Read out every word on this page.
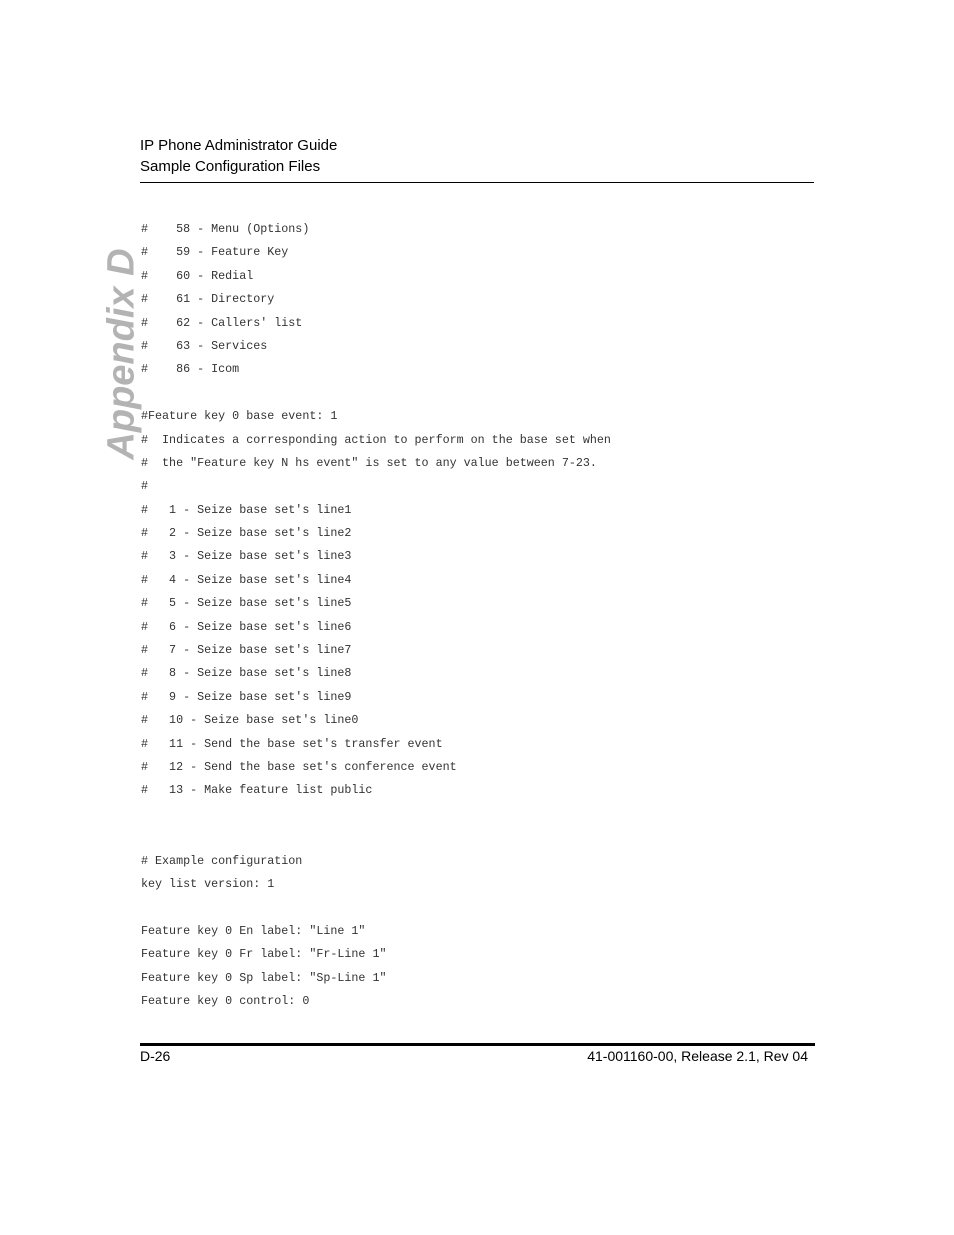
IP Phone Administrator Guide
Sample Configuration Files
Appendix D
#    58 - Menu (Options)
#    59 - Feature Key
#    60 - Redial
#    61 - Directory
#    62 - Callers' list
#    63 - Services
#    86 - Icom
#Feature key 0 base event: 1
#  Indicates a corresponding action to perform on the base set when
#  the "Feature key N hs event" is set to any value between 7-23.
#
#   1 - Seize base set's line1
#   2 - Seize base set's line2
#   3 - Seize base set's line3
#   4 - Seize base set's line4
#   5 - Seize base set's line5
#   6 - Seize base set's line6
#   7 - Seize base set's line7
#   8 - Seize base set's line8
#   9 - Seize base set's line9
#   10 - Seize base set's line0
#   11 - Send the base set's transfer event
#   12 - Send the base set's conference event
#   13 - Make feature list public
# Example configuration
key list version: 1
Feature key 0 En label: "Line 1"
Feature key 0 Fr label: "Fr-Line 1"
Feature key 0 Sp label: "Sp-Line 1"
Feature key 0 control: 0
D-26	41-001160-00, Release 2.1, Rev 04
